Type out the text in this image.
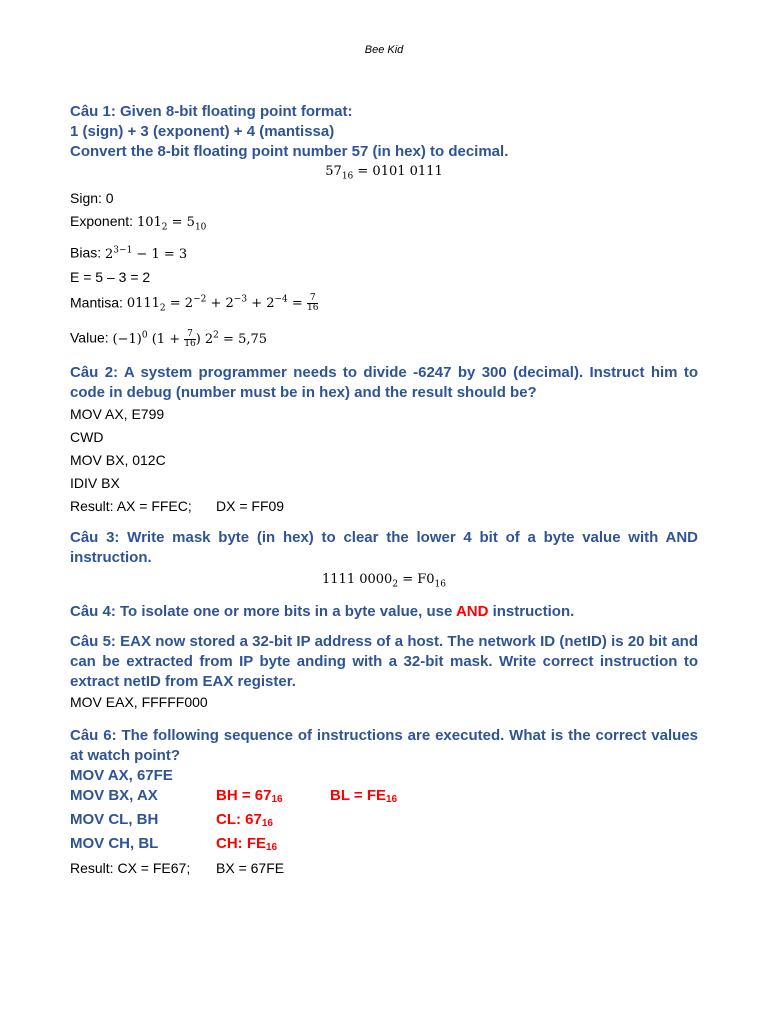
Bee Kid

Câu 1: Given 8-bit floating point format:

1 (sign) + 3 (exponent) + 4 (mantissa)

Convert the 8-bit floating point number 57 (in hex) to decimal.

$57_{16} = 0101$ 0111

Sign: 0

Exponent: $101_2 = 5_{10}$

Bias: $2^{3-1} - 1 = 3$

E = 5 – 3 = 2

Mantisa: $0111_2 = 2^{-2} + 2^{-3} + 2^{-4} = \frac{7}{16}$

Value: $(-1)^0$ ($1 + \frac{7}{16}$ ) $2^2 = 5,75$

Câu 2: A system programmer needs to divide -6247 by 300 (decimal). Instruct him to code in debug (number must be in hex) and the result should be?

MOV AX, E799

CWD

MOV BX, 012C

IDIV BX

Result: AX = FFEC;	DX = FF09

Câu 3: Write mask byte (in hex) to clear the lower 4 bit of a byte value with AND instruction.

1111 $0000_2 = F0_{16}$

Câu 4: To isolate one or more bits in a byte value, use AND instruction.

Câu 5: EAX now stored a 32-bit IP address of a host. The network ID (netID) is 20 bit and can be extracted from IP byte anding with a 32-bit mask. Write correct instruction to extract netID from EAX register.

MOV EAX, FFFFF000

Câu 6: The following sequence of instructions are executed. What is the correct values at watch point?

MOV AX, 67FE
MOV BX, AX	BH = $67_{16}$	BL = $FE_{16}$
MOV CL, BH	CL: $67_{16}$
MOV CH, BL	CH: $FE_{16}$
Result: CX = FE67;	BX = 67FE
